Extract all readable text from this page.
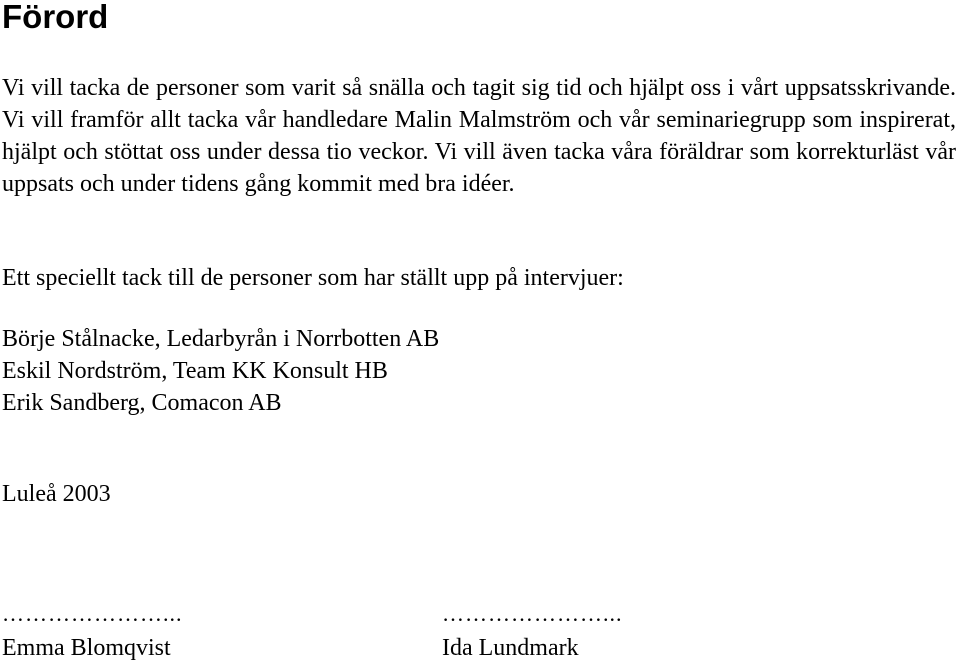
Förord

Vi vill tacka de personer som varit så snälla och tagit sig tid och hjälpt oss i vårt uppsatsskrivande. Vi vill framför allt tacka vår handledare Malin Malmström och vår seminariegrupp som inspirerat, hjälpt och stöttat oss under dessa tio veckor. Vi vill även tacka våra föräldrar som korrekturläst vår uppsats och under tidens gång kommit med bra idéer.

Ett speciellt tack till de personer som har ställt upp på intervjuer:

Börje Stålnacke, Ledarbyrån i Norrbotten AB

Eskil Nordström, Team KK Konsult HB

Erik Sandberg, Comacon AB

Luleå 2003

…………………...

Emma Blomqvist

…………………...

Ida Lundmark
